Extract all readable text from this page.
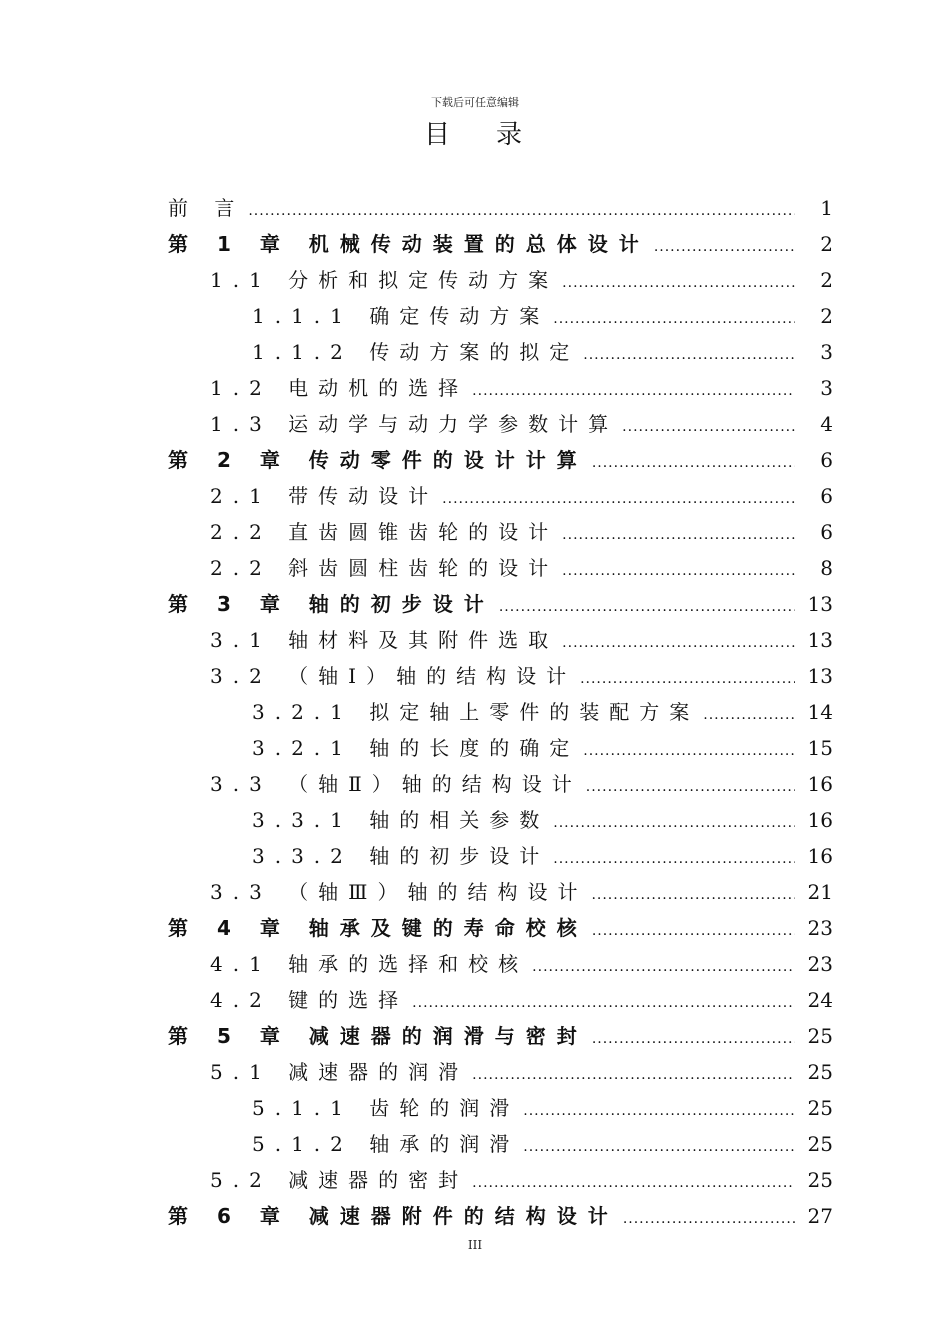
下载后可任意编辑
目录
前 言 .....	1
第 1 章 机械传动装置的总体设计 .....	2
1.1 分析和拟定传动方案 .....	2
1.1.1 确定传动方案 .....	2
1.1.2 传动方案的拟定 .....	3
1.2 电动机的选择 .....	3
1.3 运动学与动力学参数计算 .....	4
第 2 章 传动零件的设计计算 .....	6
2.1 带传动设计 .....	6
2.2 直齿圆锥齿轮的设计 .....	6
2.2 斜齿圆柱齿轮的设计 .....	8
第 3 章 轴的初步设计 .....	13
3.1 轴材料及其附件选取 .....	13
3.2 （轴Ⅰ）轴的结构设计 .....	13
3.2.1 拟定轴上零件的装配方案 .....	14
3.2.1 轴的长度的确定 .....	15
3.3 （轴Ⅱ）轴的结构设计 .....	16
3.3.1 轴的相关参数 .....	16
3.3.2 轴的初步设计 .....	16
3.3 （轴Ⅲ）轴的结构设计 .....	21
第 4 章 轴承及键的寿命校核 .....	23
4.1 轴承的选择和校核 .....	23
4.2 键的选择 .....	24
第 5 章 减速器的润滑与密封 .....	25
5.1 减速器的润滑 .....	25
5.1.1 齿轮的润滑 .....	25
5.1.2 轴承的润滑 .....	25
5.2 减速器的密封 .....	25
第 6 章 减速器附件的结构设计 .....	27
III
